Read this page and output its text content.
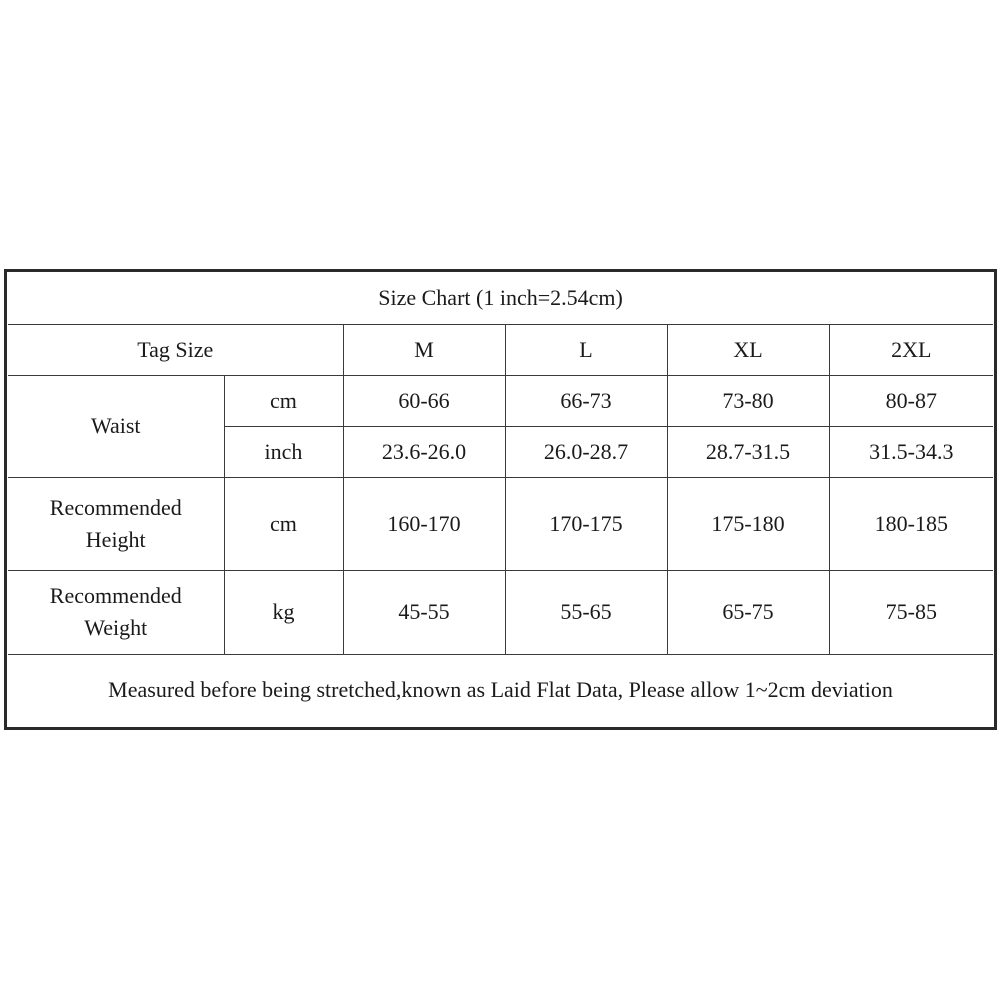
Size Chart (1 inch=2.54cm)					
Tag Size		M	L	XL	2XL
Waist	cm	60-66	66-73	73-80	80-87
	inch	23.6-26.0	26.0-28.7	28.7-31.5	31.5-34.3

Recommended
Height	cm	160-170	170-175	175-180	180-185

Recommended
Weight	kg	45-55	55-65	65-75	75-85
Measured before being stretched,known as Laid Flat Data, Please allow 1~2cm deviation					
